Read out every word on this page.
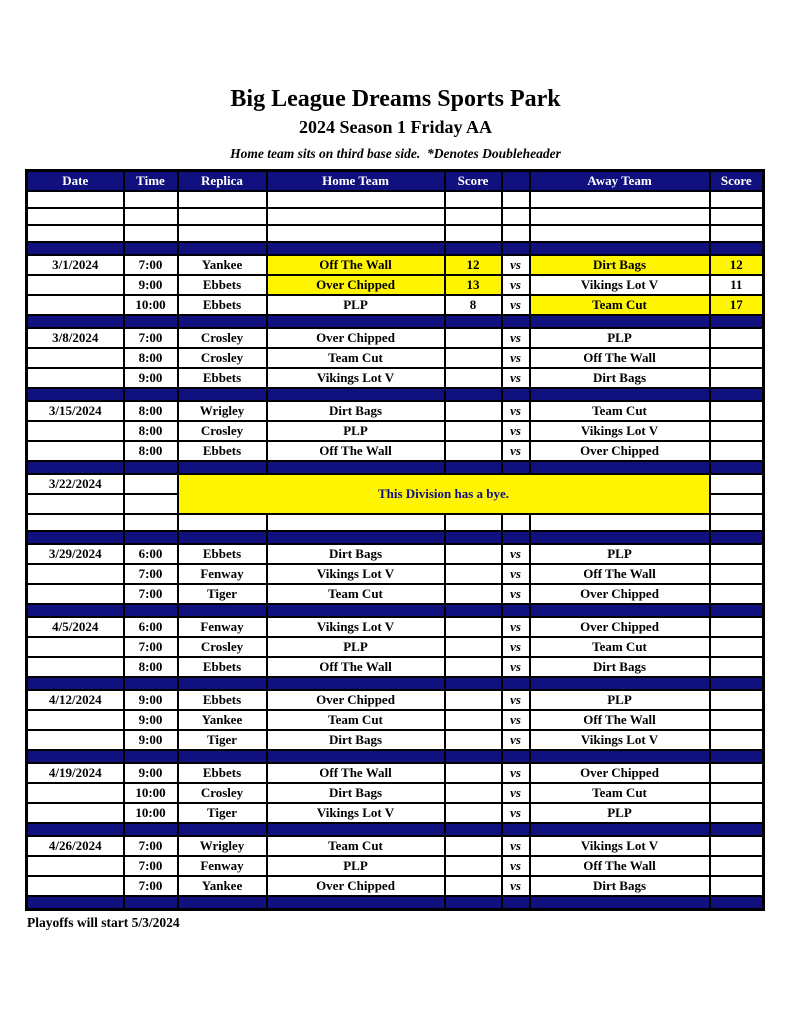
Big League Dreams Sports Park
2024 Season 1 Friday AA
Home team sits on third base side.  *Denotes Doubleheader
Date	Time	Replica	Home Team	Score		Away Team	Score

3/1/2024	7:00	Yankee	Off The Wall	12	vs	Dirt Bags	12
	9:00	Ebbets	Over Chipped	13	vs	Vikings Lot V	11
	10:00	Ebbets	PLP	8	vs	Team Cut	17

3/8/2024	7:00	Crosley	Over Chipped		vs	PLP	
	8:00	Crosley	Team Cut		vs	Off The Wall	
	9:00	Ebbets	Vikings Lot V		vs	Dirt Bags	

3/15/2024	8:00	Wrigley	Dirt Bags		vs	Team Cut	
	8:00	Crosley	PLP		vs	Vikings Lot V	
	8:00	Ebbets	Off The Wall		vs	Over Chipped	

3/22/2024		This Division has a bye.					

3/29/2024	6:00	Ebbets	Dirt Bags		vs	PLP	
	7:00	Fenway	Vikings Lot V		vs	Off The Wall	
	7:00	Tiger	Team Cut		vs	Over Chipped	

4/5/2024	6:00	Fenway	Vikings Lot V		vs	Over Chipped	
	7:00	Crosley	PLP		vs	Team Cut	
	8:00	Ebbets	Off The Wall		vs	Dirt Bags	

4/12/2024	9:00	Ebbets	Over Chipped		vs	PLP	
	9:00	Yankee	Team Cut		vs	Off The Wall	
	9:00	Tiger	Dirt Bags		vs	Vikings Lot V	

4/19/2024	9:00	Ebbets	Off The Wall		vs	Over Chipped	
	10:00	Crosley	Dirt Bags		vs	Team Cut	
	10:00	Tiger	Vikings Lot V		vs	PLP	

4/26/2024	7:00	Wrigley	Team Cut		vs	Vikings Lot V	
	7:00	Fenway	PLP		vs	Off The Wall	
	7:00	Yankee	Over Chipped		vs	Dirt Bags	

Playoffs will start 5/3/2024
